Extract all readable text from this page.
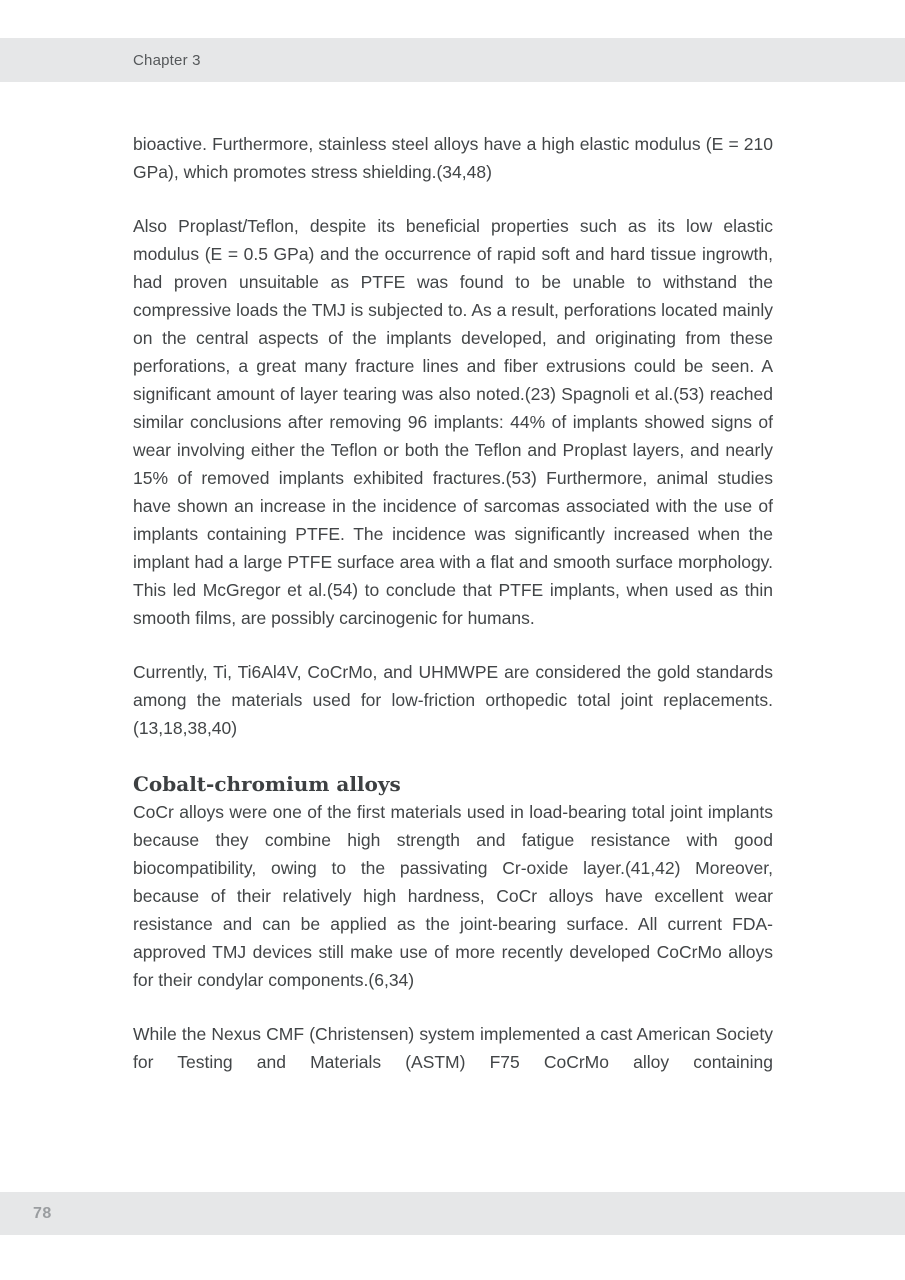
Chapter 3

bioactive. Furthermore, stainless steel alloys have a high elastic modulus (E = 210 GPa), which promotes stress shielding.(34,48)

Also Proplast/Teflon, despite its beneficial properties such as its low elastic modulus (E = 0.5 GPa) and the occurrence of rapid soft and hard tissue ingrowth, had proven unsuitable as PTFE was found to be unable to withstand the compressive loads the TMJ is subjected to. As a result, perforations located mainly on the central aspects of the implants developed, and originating from these perforations, a great many fracture lines and fiber extrusions could be seen. A significant amount of layer tearing was also noted.(23) Spagnoli et al.(53) reached similar conclusions after removing 96 implants: 44% of implants showed signs of wear involving either the Teflon or both the Teflon and Proplast layers, and nearly 15% of removed implants exhibited fractures.(53) Furthermore, animal studies have shown an increase in the incidence of sarcomas associated with the use of implants containing PTFE. The incidence was significantly increased when the implant had a large PTFE surface area with a flat and smooth surface morphology. This led McGregor et al.(54) to conclude that PTFE implants, when used as thin smooth films, are possibly carcinogenic for humans.

Currently, Ti, Ti6Al4V, CoCrMo, and UHMWPE are considered the gold standards among the materials used for low-friction orthopedic total joint replacements.(13,18,38,40)

Cobalt-chromium alloys

CoCr alloys were one of the first materials used in load-bearing total joint implants because they combine high strength and fatigue resistance with good biocompatibility, owing to the passivating Cr-oxide layer.(41,42) Moreover, because of their relatively high hardness, CoCr alloys have excellent wear resistance and can be applied as the joint-bearing surface. All current FDA-approved TMJ devices still make use of more recently developed CoCrMo alloys for their condylar components.(6,34)

While the Nexus CMF (Christensen) system implemented a cast American Society for Testing and Materials (ASTM) F75 CoCrMo alloy containing

78
